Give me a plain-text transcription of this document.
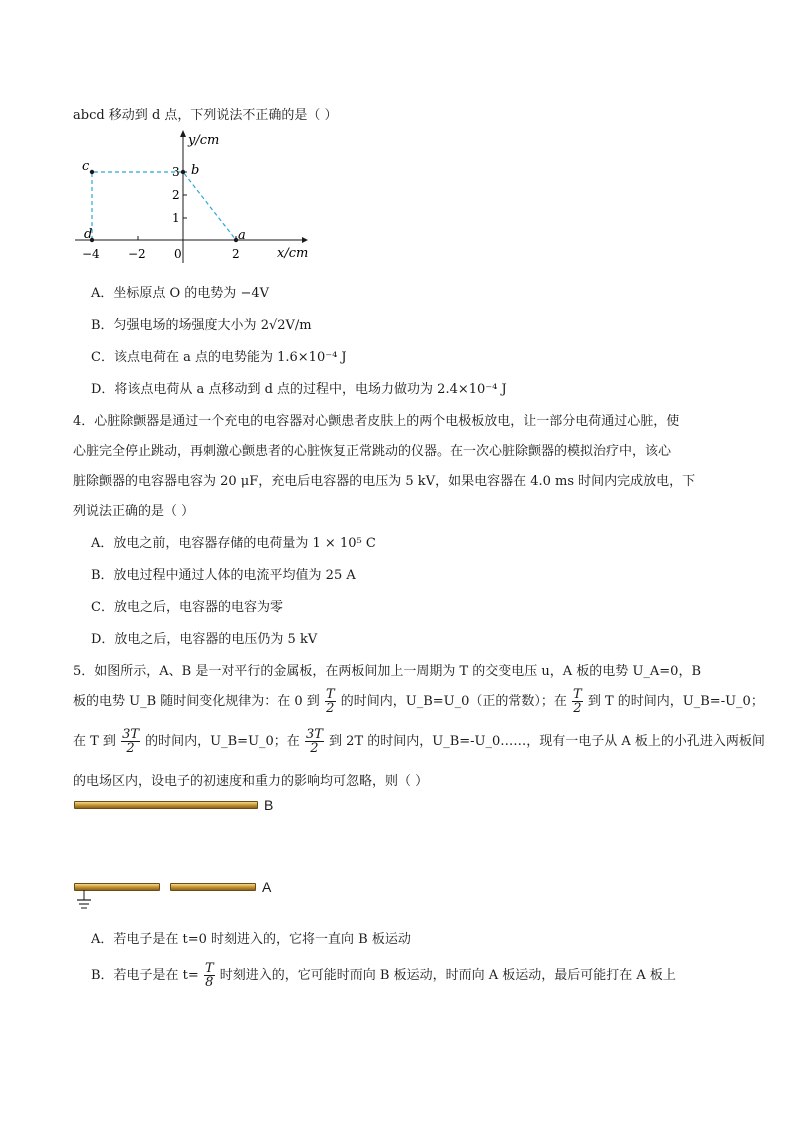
abcd 移动到 d 点，下列说法不正确的是（ ）
y/cm
x/cm
1
2
3
−4 −2 0	2
c	b
a
d
A．坐标原点 O 的电势为 −4V
B．匀强电场的场强度大小为 2√2V/m
C．该点电荷在 a 点的电势能为 1.6×10⁻⁴ J
D．将该点电荷从 a 点移动到 d 点的过程中，电场力做功为 2.4×10⁻⁴ J
4．心脏除颤器是通过一个充电的电容器对心颤患者皮肤上的两个电极板放电，让一部分电荷通过心脏，使
心脏完全停止跳动，再刺激心颤患者的心脏恢复正常跳动的仪器。在一次心脏除颤器的模拟治疗中，该心
脏除颤器的电容器电容为 20 μF，充电后电容器的电压为 5 kV，如果电容器在 4.0 ms 时间内完成放电，下
列说法正确的是（ ）
A．放电之前，电容器存储的电荷量为 1 × 10⁵ C
B．放电过程中通过人体的电流平均值为 25 A
C．放电之后，电容器的电容为零
D．放电之后，电容器的电压仍为 5 kV
5．如图所示，A、B 是一对平行的金属板，在两板间加上一周期为 T 的交变电压 u，A 板的电势 U_A=0，B
板的电势 U_B 随时间变化规律为：在 0 到 $\frac{T}{2}$ 的时间内，U_B=U_0（正的常数）；在 $\frac{T}{2}$ 到 T 的时间内，U_B=-U_0；
在 T 到 $\frac{3T}{2}$ 的时间内，U_B=U_0；在 $\frac{3T}{2}$ 到 2T 的时间内，U_B=-U_0……，现有一电子从 A 板上的小孔进入两板间
的电场区内，设电子的初速度和重力的影响均可忽略，则（ ）
B
A
A．若电子是在 t=0 时刻进入的，它将一直向 B 板运动
B．若电子是在 $t= \frac{T}{8}$ 时刻进入的，它可能时而向 B 板运动，时而向 A 板运动，最后可能打在 A 板上
